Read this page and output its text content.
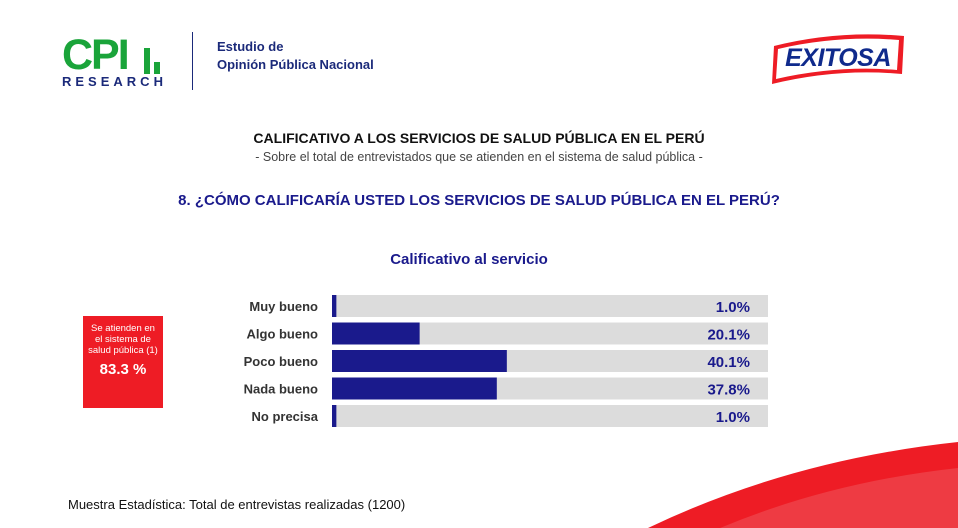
CPI
RESEARCH
Estudio de
Opinión Pública Nacional	EXITOSA
CALIFICATIVO A LOS SERVICIOS DE SALUD PÚBLICA EN EL PERÚ
- Sobre el total de entrevistados que se atienden en el sistema de salud pública -
8. ¿CÓMO CALIFICARÍA USTED LOS SERVICIOS DE SALUD PÚBLICA EN EL PERÚ?
Calificativo al servicio
Se atienden en el sistema de salud pública (1)
83.3 %
Muy bueno	1.0%
Algo bueno	20.1%
Poco bueno	40.1%
Nada bueno	37.8%
No precisa	1.0%
Muestra Estadística: Total de entrevistas realizadas (1200)
